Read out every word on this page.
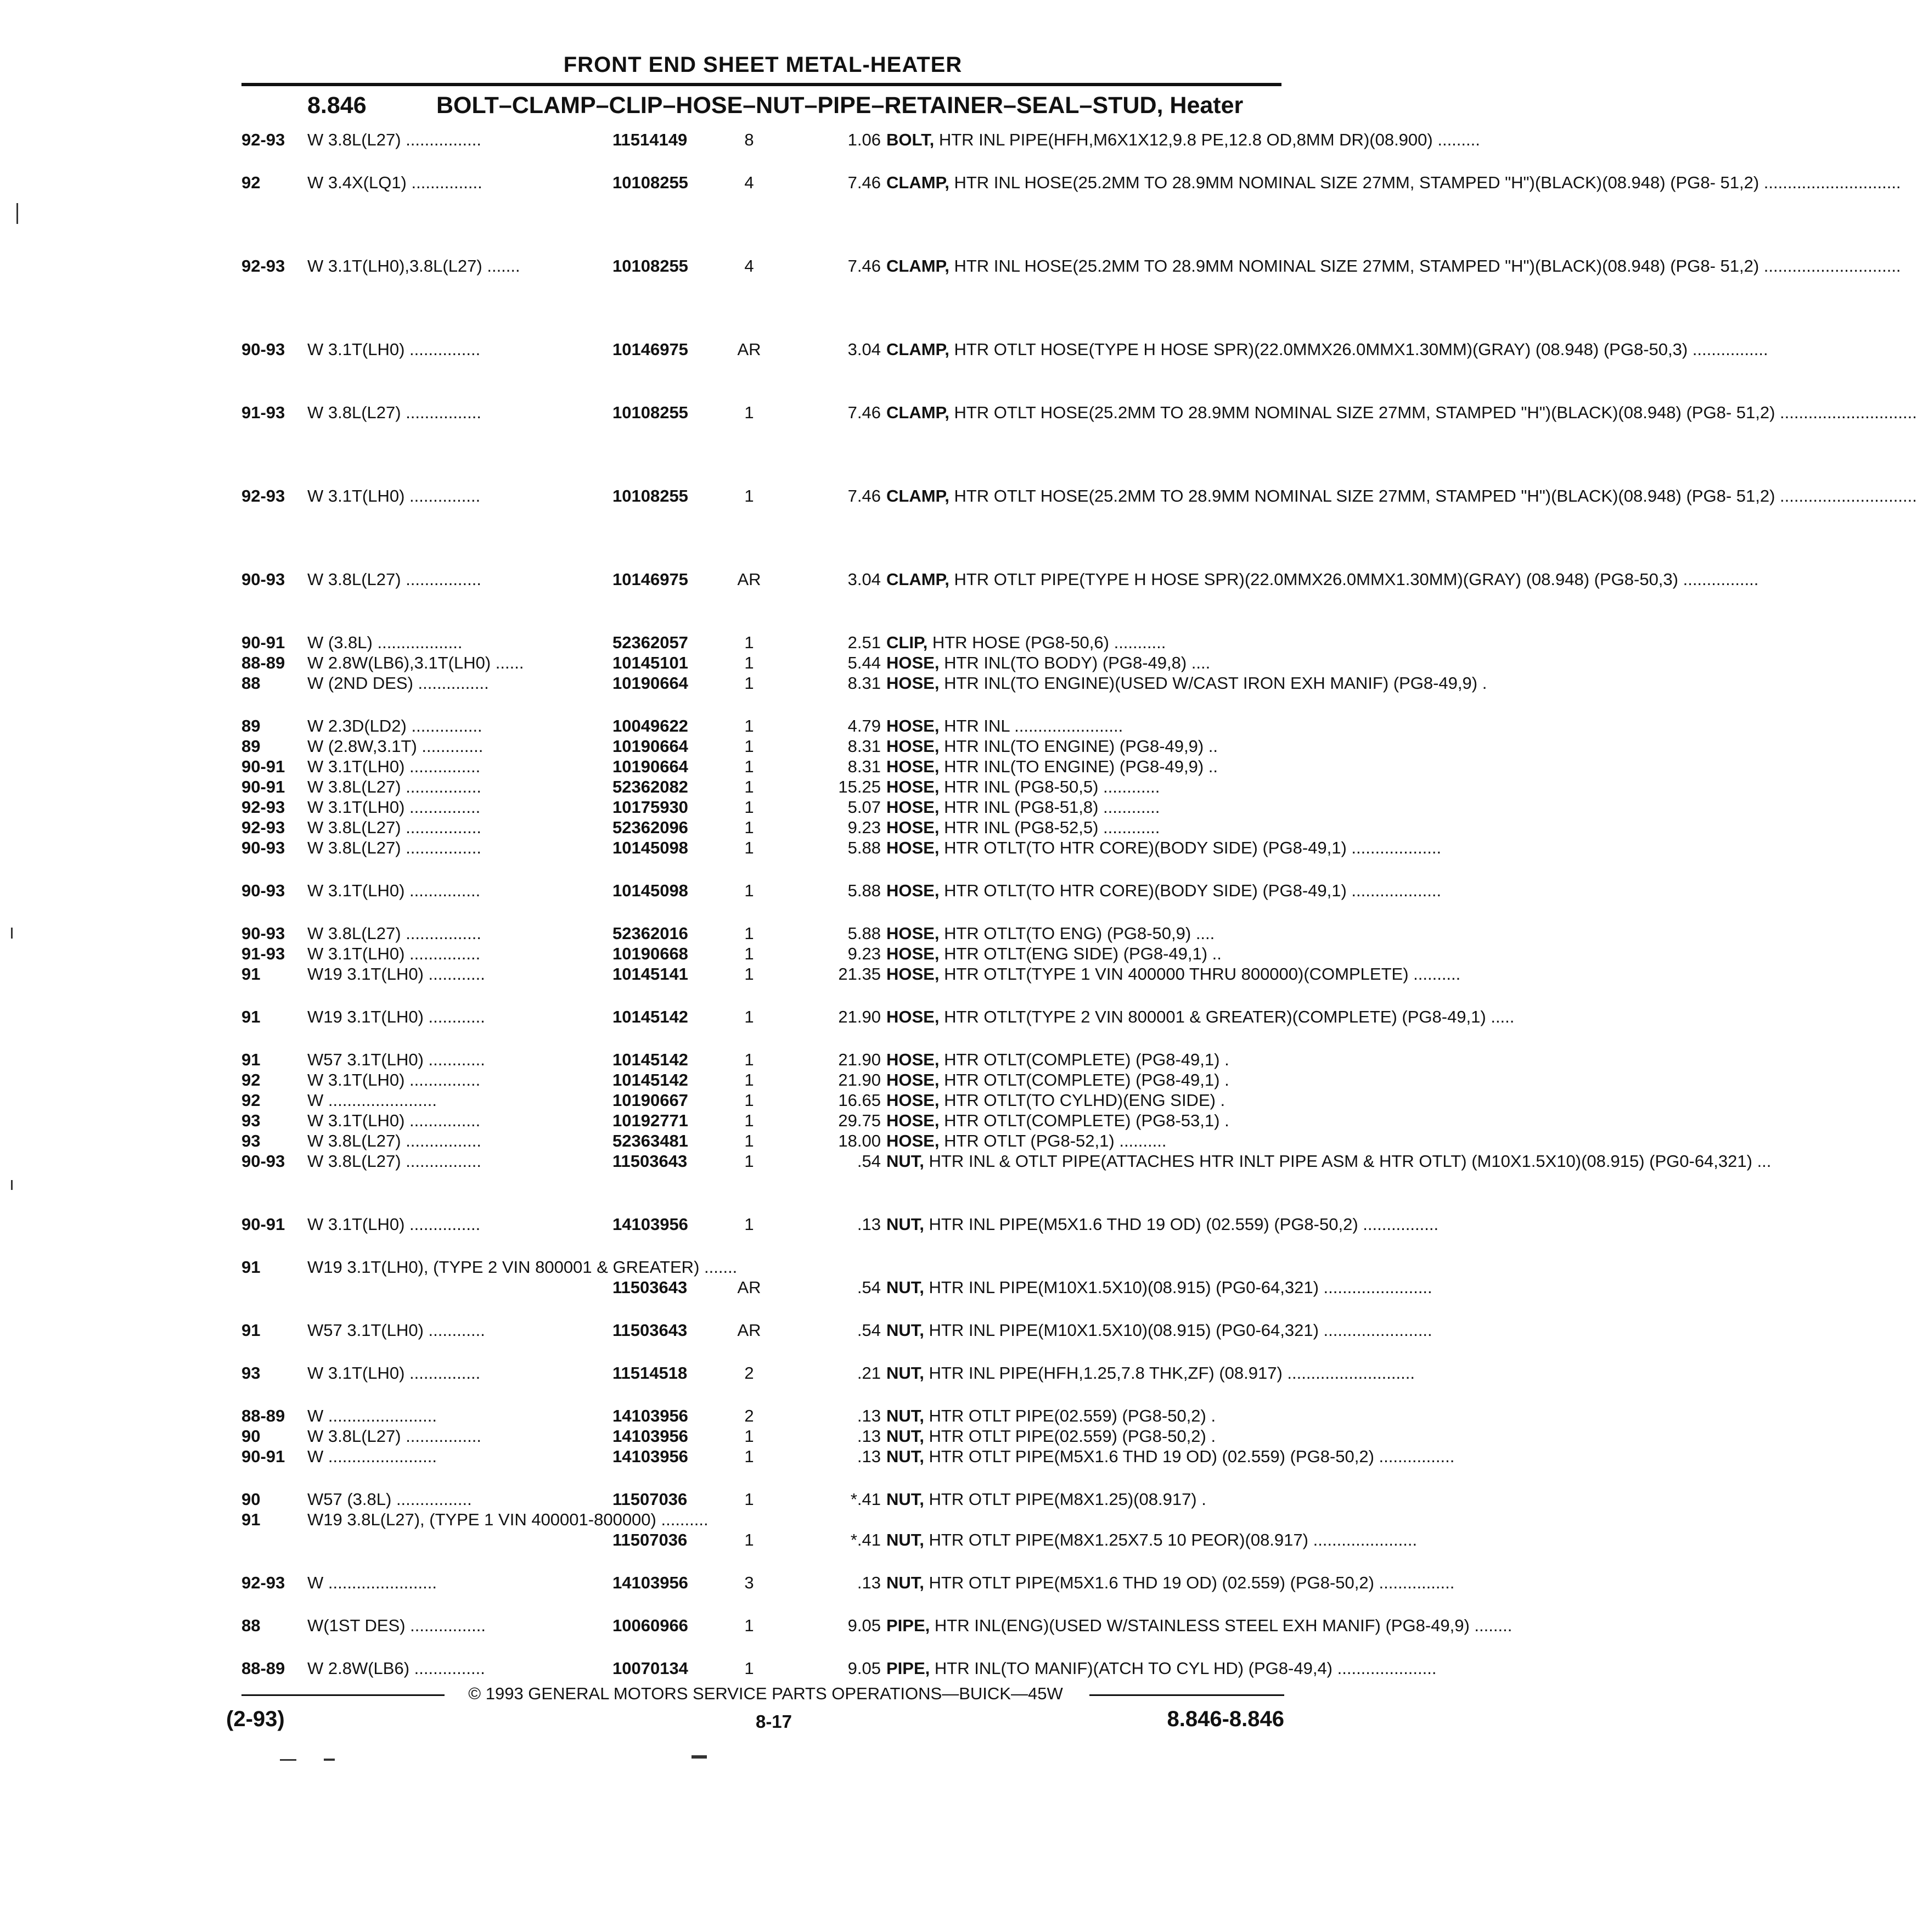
FRONT END SHEET METAL-HEATER
8.846	BOLT–CLAMP–CLIP–HOSE–NUT–PIPE–RETAINER–SEAL–STUD, Heater
92-93 W 3.8L(L27) ................	11514149	8	1.06 BOLT, HTR INL PIPE(HFH,M6X1X12,9.8 PE,12.8 OD,8MM DR)(08.900) .........
92	W 3.4X(LQ1) ...............	10108255	4	7.46 CLAMP, HTR INL HOSE(25.2MM TO 28.9MM NOMINAL SIZE 27MM, STAMPED "H")(BLACK)(08.948) (PG8- 51,2) .............................
92-93 W 3.1T(LH0),3.8L(L27) .......	10108255	4	7.46 CLAMP, HTR INL HOSE(25.2MM TO 28.9MM NOMINAL SIZE 27MM, STAMPED "H")(BLACK)(08.948) (PG8- 51,2) .............................
90-93 W 3.1T(LH0) ...............	10146975	AR	3.04 CLAMP, HTR OTLT HOSE(TYPE H HOSE SPR)(22.0MMX26.0MMX1.30MM)(GRAY) (08.948) (PG8-50,3) ................
91-93 W 3.8L(L27) ................	10108255	1	7.46 CLAMP, HTR OTLT HOSE(25.2MM TO 28.9MM NOMINAL SIZE 27MM, STAMPED "H")(BLACK)(08.948) (PG8- 51,2) .............................
92-93 W 3.1T(LH0) ...............	10108255	1	7.46 CLAMP, HTR OTLT HOSE(25.2MM TO 28.9MM NOMINAL SIZE 27MM, STAMPED "H")(BLACK)(08.948) (PG8- 51,2) .............................
90-93 W 3.8L(L27) ................	10146975	AR	3.04 CLAMP, HTR OTLT PIPE(TYPE H HOSE SPR)(22.0MMX26.0MMX1.30MM)(GRAY) (08.948) (PG8-50,3) ................
90-91 W (3.8L) ..................	52362057	1	2.51 CLIP, HTR HOSE (PG8-50,6) ...........
88-89 W 2.8W(LB6),3.1T(LH0) ......	10145101	1	5.44 HOSE, HTR INL(TO BODY) (PG8-49,8) ....
88	W (2ND DES) ...............	10190664	1	8.31 HOSE, HTR INL(TO ENGINE)(USED W/CAST IRON EXH MANIF) (PG8-49,9) .
89	W 2.3D(LD2) ...............	10049622	1	4.79 HOSE, HTR INL .......................
89	W (2.8W,3.1T) .............	10190664	1	8.31 HOSE, HTR INL(TO ENGINE) (PG8-49,9) ..
90-91 W 3.1T(LH0) ...............	10190664	1	8.31 HOSE, HTR INL(TO ENGINE) (PG8-49,9) ..
90-91 W 3.8L(L27) ................	52362082	1	15.25 HOSE, HTR INL (PG8-50,5) ............
92-93 W 3.1T(LH0) ...............	10175930	1	5.07 HOSE, HTR INL (PG8-51,8) ............
92-93 W 3.8L(L27) ................	52362096	1	9.23 HOSE, HTR INL (PG8-52,5) ............
90-93 W 3.8L(L27) ................	10145098	1	5.88 HOSE, HTR OTLT(TO HTR CORE)(BODY SIDE) (PG8-49,1) ...................
90-93 W 3.1T(LH0) ...............	10145098	1	5.88 HOSE, HTR OTLT(TO HTR CORE)(BODY SIDE) (PG8-49,1) ...................
90-93 W 3.8L(L27) ................	52362016	1	5.88 HOSE, HTR OTLT(TO ENG) (PG8-50,9) ....
91-93 W 3.1T(LH0) ...............	10190668	1	9.23 HOSE, HTR OTLT(ENG SIDE) (PG8-49,1) ..
91	W19 3.1T(LH0) ............	10145141	1	21.35 HOSE, HTR OTLT(TYPE 1 VIN 400000 THRU 800000)(COMPLETE) ..........
91	W19 3.1T(LH0) ............	10145142	1	21.90 HOSE, HTR OTLT(TYPE 2 VIN 800001 & GREATER)(COMPLETE) (PG8-49,1) .....
91	W57 3.1T(LH0) ............	10145142	1	21.90 HOSE, HTR OTLT(COMPLETE) (PG8-49,1) .
92	W 3.1T(LH0) ...............	10145142	1	21.90 HOSE, HTR OTLT(COMPLETE) (PG8-49,1) .
92	W .......................	10190667	1	16.65 HOSE, HTR OTLT(TO CYLHD)(ENG SIDE) .
93	W 3.1T(LH0) ...............	10192771	1	29.75 HOSE, HTR OTLT(COMPLETE) (PG8-53,1) .
93	W 3.8L(L27) ................	52363481	1	18.00 HOSE, HTR OTLT (PG8-52,1) ..........
90-93 W 3.8L(L27) ................	11503643	1	.54 NUT, HTR INL & OTLT PIPE(ATTACHES HTR INLT PIPE ASM & HTR OTLT) (M10X1.5X10)(08.915) (PG0-64,321) ...
90-91 W 3.1T(LH0) ...............	14103956	1	.13 NUT, HTR INL PIPE(M5X1.6 THD 19 OD) (02.559) (PG8-50,2) ................
91	W19 3.1T(LH0), (TYPE 2 VIN 800001 & GREATER) .......
11503643	AR	.54 NUT, HTR INL PIPE(M10X1.5X10)(08.915) (PG0-64,321) .......................
91	W57 3.1T(LH0) ............	11503643	AR	.54 NUT, HTR INL PIPE(M10X1.5X10)(08.915) (PG0-64,321) .......................
93	W 3.1T(LH0) ...............	11514518	2	.21 NUT, HTR INL PIPE(HFH,1.25,7.8 THK,ZF) (08.917) ...........................
88-89 W .......................	14103956	2	.13 NUT, HTR OTLT PIPE(02.559) (PG8-50,2) .
90	W 3.8L(L27) ................	14103956	1	.13 NUT, HTR OTLT PIPE(02.559) (PG8-50,2) .
90-91 W .......................	14103956	1	.13 NUT, HTR OTLT PIPE(M5X1.6 THD 19 OD) (02.559) (PG8-50,2) ................
90	W57 (3.8L) ................	11507036	1	*.41 NUT, HTR OTLT PIPE(M8X1.25)(08.917) .
91	W19 3.8L(L27), (TYPE 1 VIN 400001-800000) ..........
11507036	1	*.41 NUT, HTR OTLT PIPE(M8X1.25X7.5 10 PEOR)(08.917) ......................
92-93 W .......................	14103956	3	.13 NUT, HTR OTLT PIPE(M5X1.6 THD 19 OD) (02.559) (PG8-50,2) ................
88	W(1ST DES) ................	10060966	1	9.05 PIPE, HTR INL(ENG)(USED W/STAINLESS STEEL EXH MANIF) (PG8-49,9) ........
88-89 W 2.8W(LB6) ...............	10070134	1	9.05 PIPE, HTR INL(TO MANIF)(ATCH TO CYL HD) (PG8-49,4) .....................
© 1993 GENERAL MOTORS SERVICE PARTS OPERATIONS—BUICK—45W
(2-93)	8-17	8.846-8.846
